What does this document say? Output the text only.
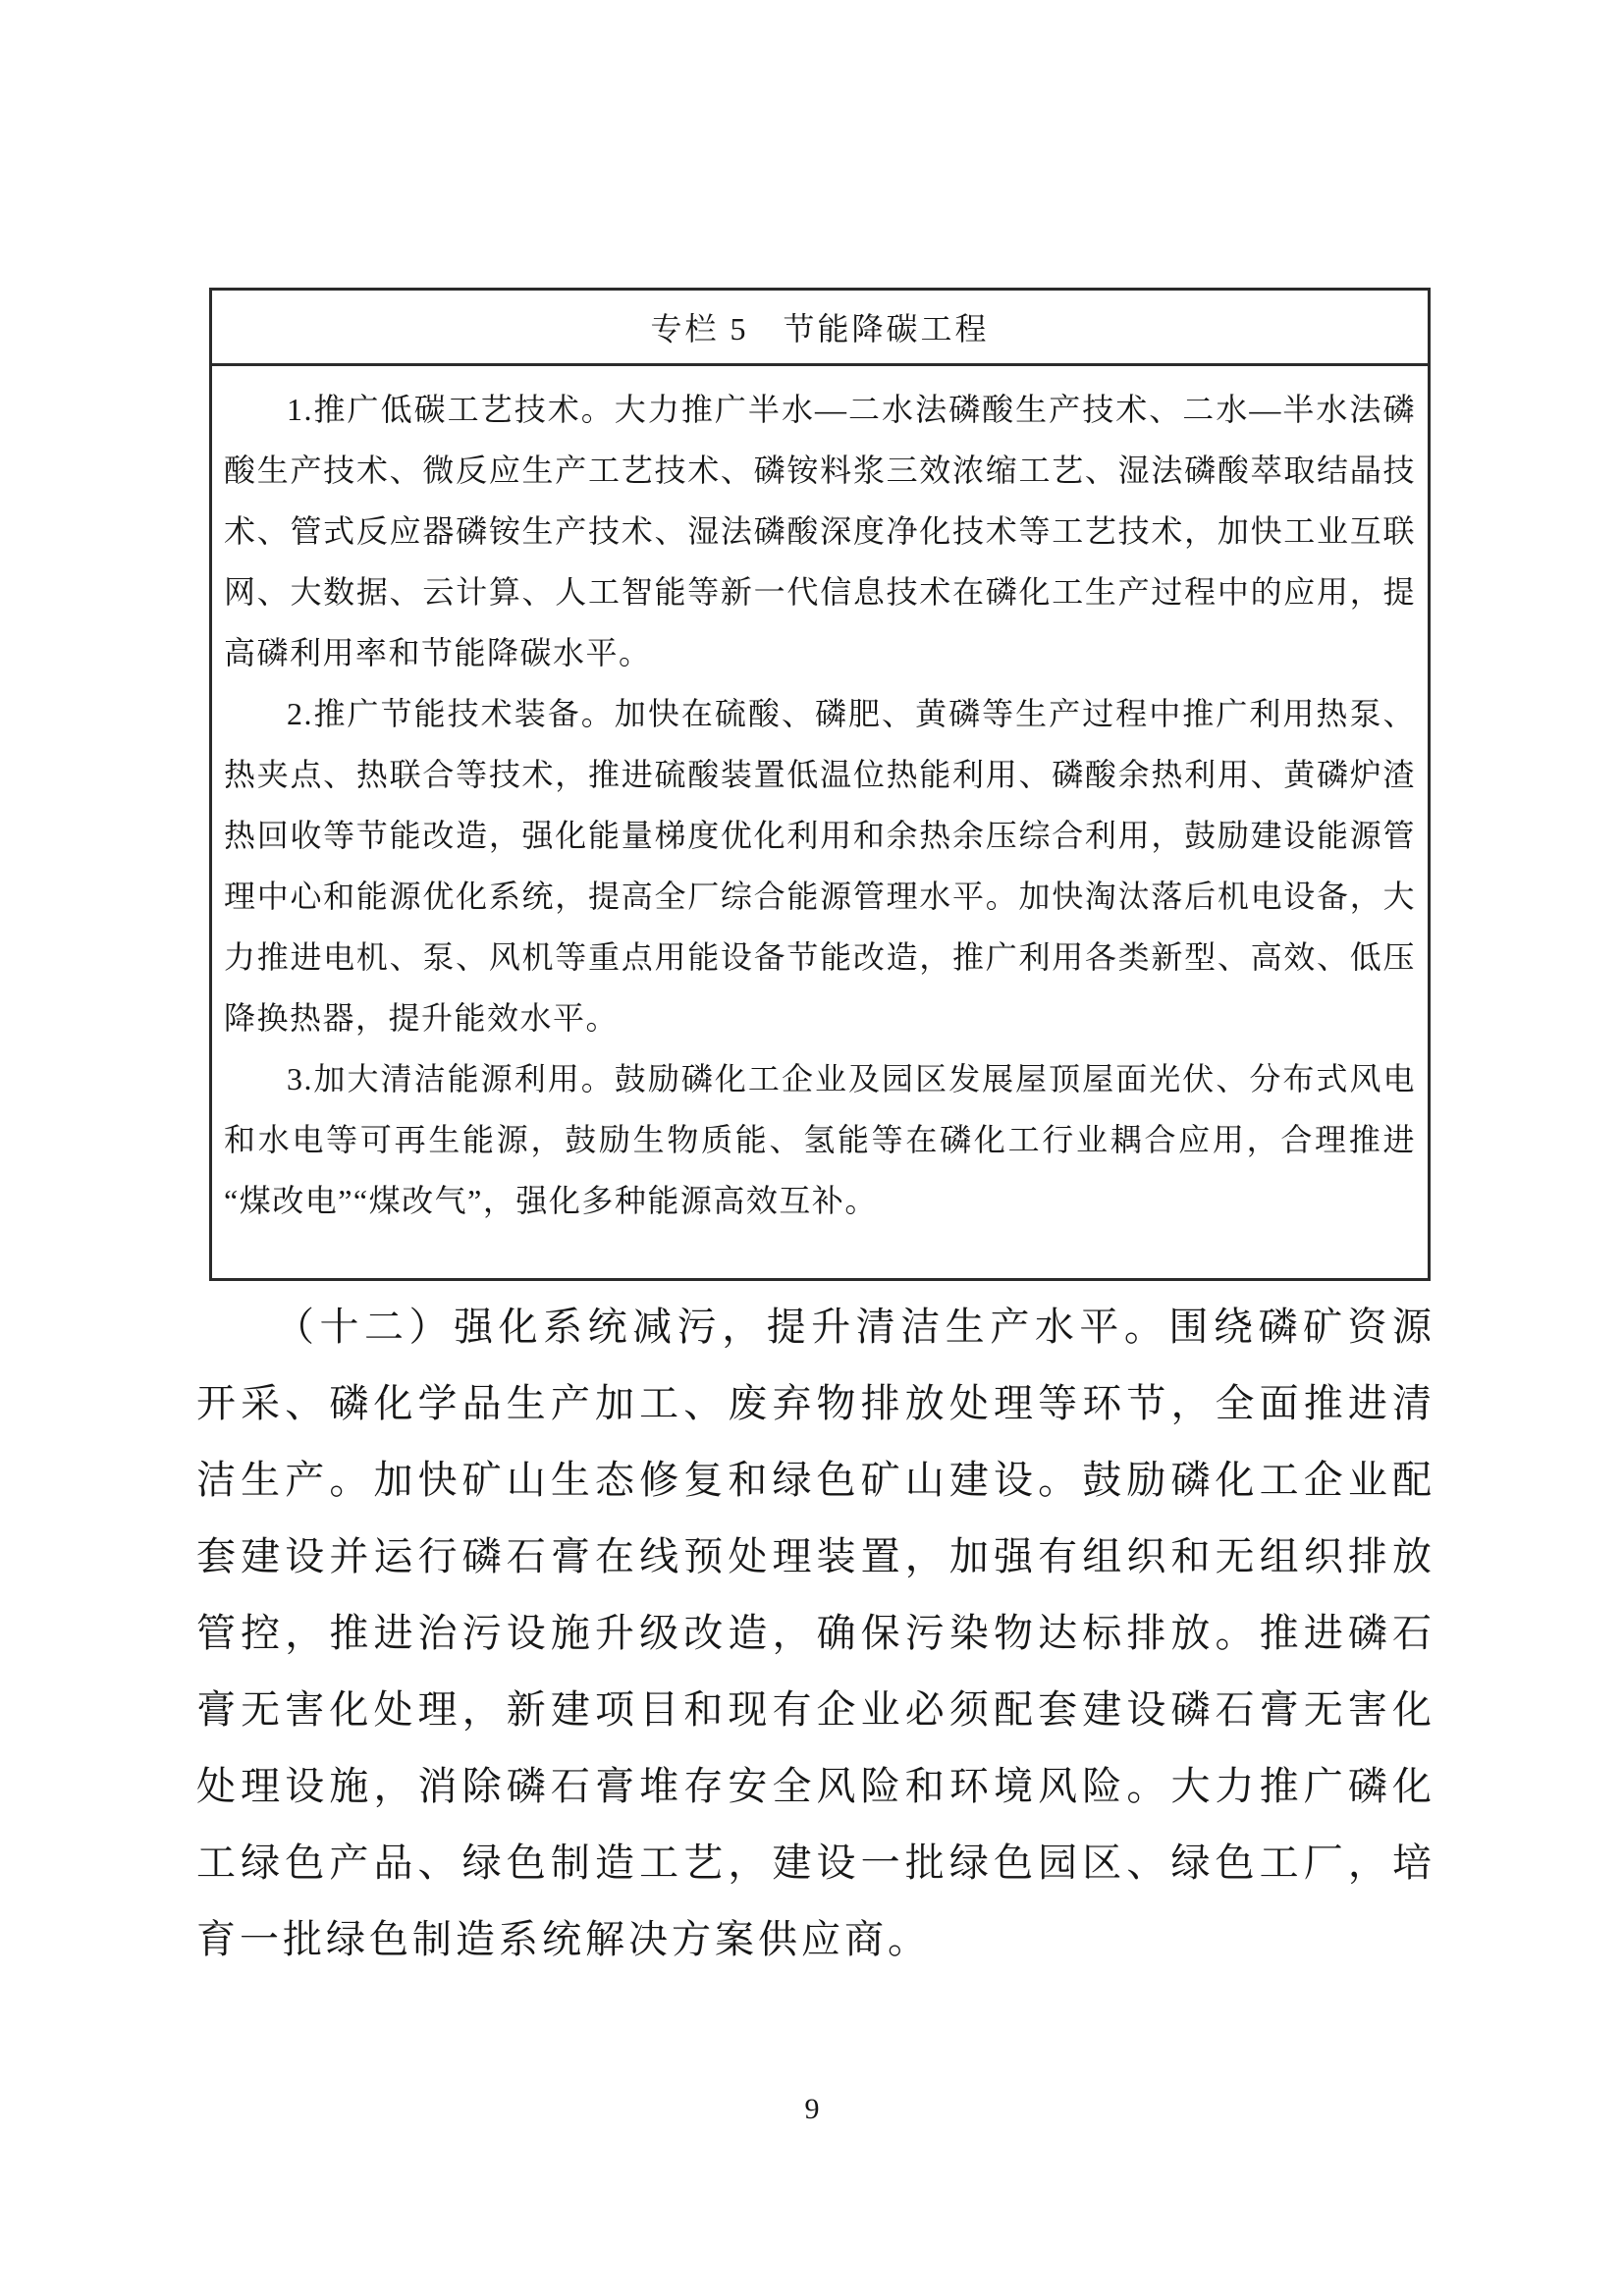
专栏 5　节能降碳工程

1.推广低碳工艺技术。大力推广半水—二水法磷酸生产技术、二水—半水法磷酸生产技术、微反应生产工艺技术、磷铵料浆三效浓缩工艺、湿法磷酸萃取结晶技术、管式反应器磷铵生产技术、湿法磷酸深度净化技术等工艺技术，加快工业互联网、大数据、云计算、人工智能等新一代信息技术在磷化工生产过程中的应用，提高磷利用率和节能降碳水平。

2.推广节能技术装备。加快在硫酸、磷肥、黄磷等生产过程中推广利用热泵、热夹点、热联合等技术，推进硫酸装置低温位热能利用、磷酸余热利用、黄磷炉渣热回收等节能改造，强化能量梯度优化利用和余热余压综合利用，鼓励建设能源管理中心和能源优化系统，提高全厂综合能源管理水平。加快淘汰落后机电设备，大力推进电机、泵、风机等重点用能设备节能改造，推广利用各类新型、高效、低压降换热器，提升能效水平。

3.加大清洁能源利用。鼓励磷化工企业及园区发展屋顶屋面光伏、分布式风电和水电等可再生能源，鼓励生物质能、氢能等在磷化工行业耦合应用，合理推进“煤改电”“煤改气”，强化多种能源高效互补。

（十二）强化系统减污，提升清洁生产水平。围绕磷矿资源开采、磷化学品生产加工、废弃物排放处理等环节，全面推进清洁生产。加快矿山生态修复和绿色矿山建设。鼓励磷化工企业配套建设并运行磷石膏在线预处理装置，加强有组织和无组织排放管控，推进治污设施升级改造，确保污染物达标排放。推进磷石膏无害化处理，新建项目和现有企业必须配套建设磷石膏无害化处理设施，消除磷石膏堆存安全风险和环境风险。大力推广磷化工绿色产品、绿色制造工艺，建设一批绿色园区、绿色工厂，培育一批绿色制造系统解决方案供应商。

9
